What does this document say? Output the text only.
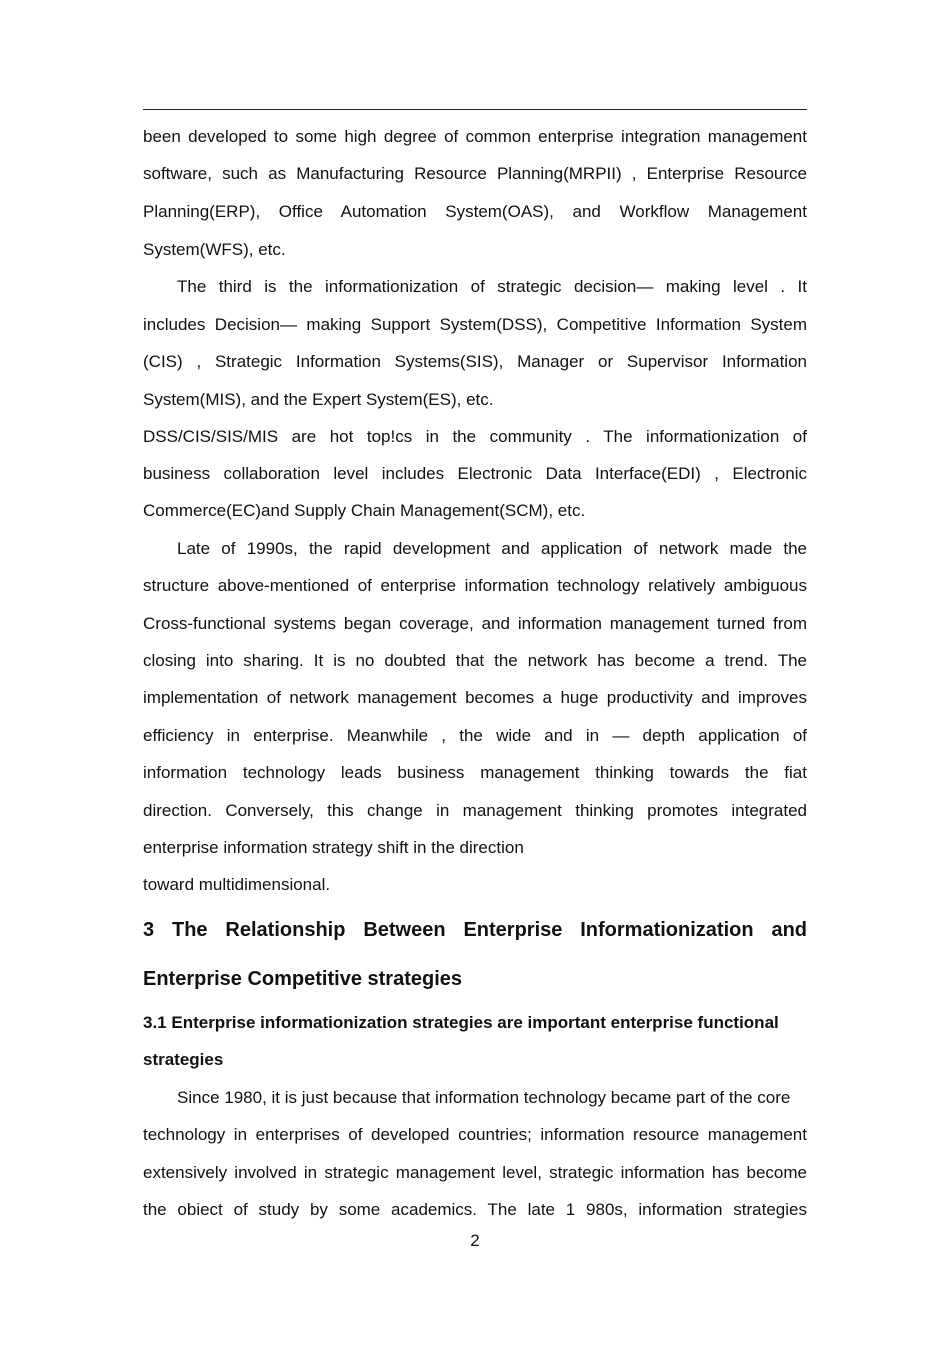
been developed to some high degree of common enterprise integration management
software, such as Manufacturing Resource Planning(MRPII) , Enterprise Resource
Planning(ERP), Office Automation System(OAS), and Workflow Management
System(WFS), etc.
The third is the informationization of strategic decision— making level . It
includes Decision— making Support System(DSS), Competitive Information System
(CIS) , Strategic Information Systems(SIS), Manager or Supervisor Information
System(MIS), and the Expert System(ES), etc.
DSS/CIS/SIS/MIS are hot top!cs in the community . The informationization of
business collaboration level includes Electronic Data Interface(EDI) , Electronic
Commerce(EC)and Supply Chain Management(SCM), etc.
Late of 1990s, the rapid development and application of network made the
structure above-mentioned of enterprise information technology relatively ambiguous
Cross-functional systems began coverage, and information management turned from
closing into sharing. It is no doubted that the network has become a trend. The
implementation of network management becomes a huge productivity and improves
efficiency in enterprise. Meanwhile , the wide and in — depth application of
information technology leads business management thinking towards the fiat
direction. Conversely, this change in management thinking promotes integrated
enterprise information strategy shift in the direction
toward multidimensional.
3 The Relationship Between Enterprise Informationization and
Enterprise Competitive strategies
3.1 Enterprise informationization strategies are important enterprise functional
strategies
Since 1980, it is just because that information technology became part of the core
technology in enterprises of developed countries; information resource management
extensively involved in strategic management level, strategic information has become
the obiect of study by some academics. The late 1 980s, information strategies
2
